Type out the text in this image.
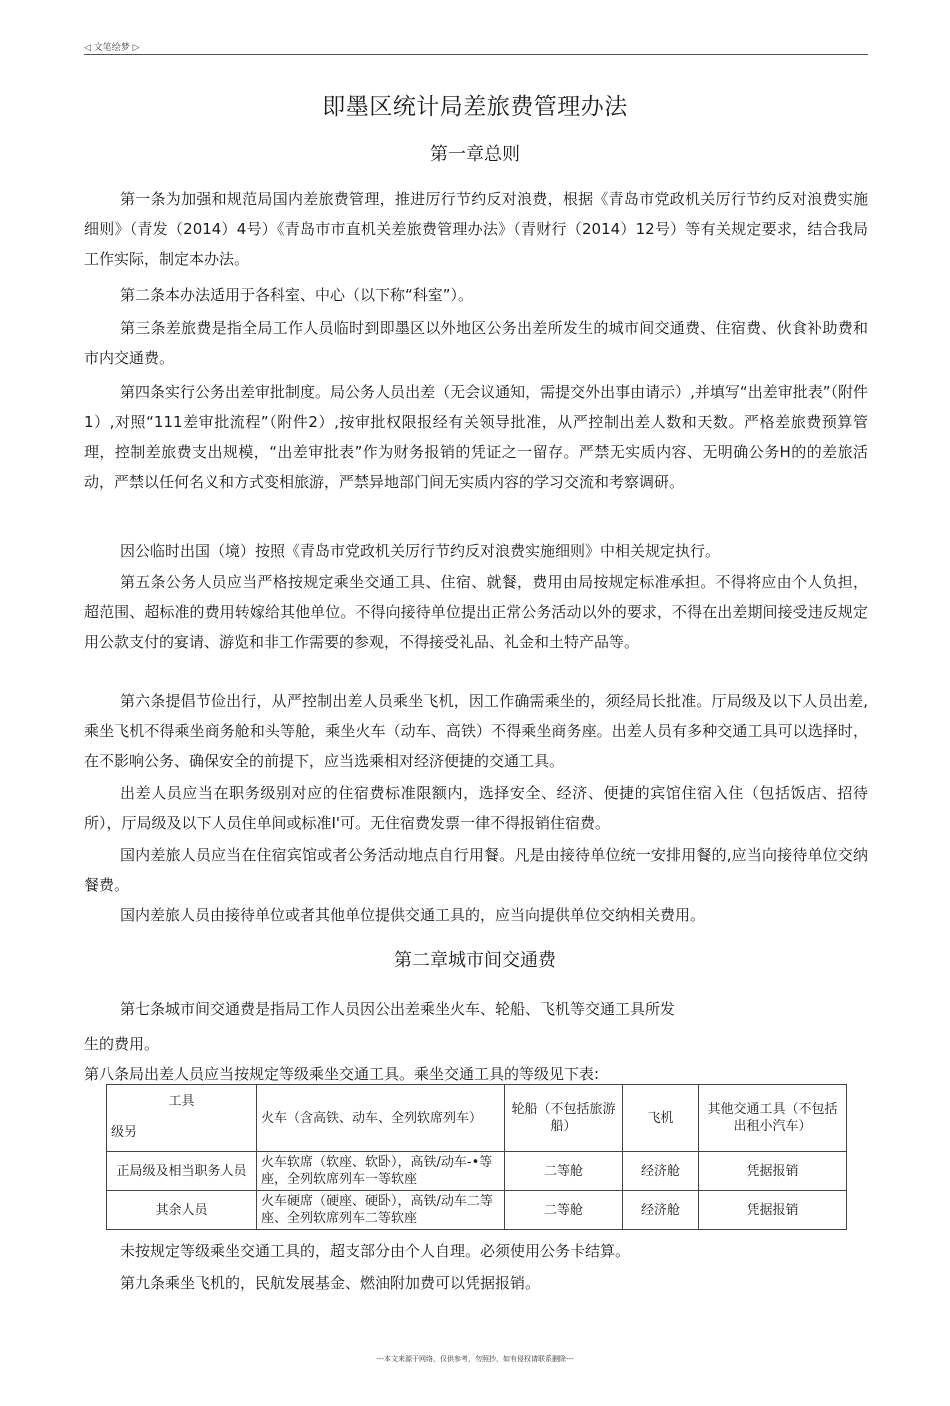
◁ 文笔绘梦 ▷
即墨区统计局差旅费管理办法
第一章总则
第一条为加强和规范局国内差旅费管理，推进厉行节约反对浪费，根据《青岛市党政机关厉行节约反对浪费实施细则》（青发（2014）4号）《青岛市市直机关差旅费管理办法》（青财行（2014）12号）等有关规定要求，结合我局工作实际，制定本办法。
第二条本办法适用于各科室、中心（以下称“科室”）。
第三条差旅费是指全局工作人员临时到即墨区以外地区公务出差所发生的城市间交通费、住宿费、伙食补助费和市内交通费。
第四条实行公务出差审批制度。局公务人员出差（无会议通知，需提交外出事由请示）,并填写“出差审批表”（附件1）,对照“111差审批流程”（附件2）,按审批权限报经有关领导批准，从严控制出差人数和天数。严格差旅费预算管理，控制差旅费支出规模，“出差审批表”作为财务报销的凭证之一留存。严禁无实质内容、无明确公务H的的差旅活动，严禁以任何名义和方式变相旅游，严禁异地部门间无实质内容的学习交流和考察调研。
因公临时出国（境）按照《青岛市党政机关厉行节约反对浪费实施细则》中相关规定执行。
第五条公务人员应当严格按规定乘坐交通工具、住宿、就餐，费用由局按规定标准承担。不得将应由个人负担，超范围、超标准的费用转嫁给其他单位。不得向接待单位提出正常公务活动以外的要求，不得在出差期间接受违反规定用公款支付的宴请、游览和非工作需要的参观，不得接受礼品、礼金和土特产品等。
第六条提倡节俭出行，从严控制出差人员乘坐飞机，因工作确需乘坐的，须经局长批准。厅局级及以下人员出差,乘坐飞机不得乘坐商务舱和头等舱，乘坐火车（动车、高铁）不得乘坐商务座。出差人员有多种交通工具可以选择时，在不影响公务、确保安全的前提下，应当选乘相对经济便捷的交通工具。
出差人员应当在职务级别对应的住宿费标准限额内，选择安全、经济、便捷的宾馆住宿入住（包括饭店、招待所），厅局级及以下人员住单间或标准I'可。无住宿费发票一律不得报销住宿费。
国内差旅人员应当在住宿宾馆或者公务活动地点自行用餐。凡是由接待单位统一安排用餐的,应当向接待单位交纳餐费。
国内差旅人员由接待单位或者其他单位提供交通工具的，应当向提供单位交纳相关费用。
第二章城市间交通费
第七条城市间交通费是指局工作人员因公出差乘坐火车、轮船、飞机等交通工具所发
生的费用。
第八条局出差人员应当按规定等级乘坐交通工具。乘坐交通工具的等级见下表:
工具
级另	火车（含高铁、动车、全列软席列车）	轮船（不包括旅游船）	飞机	其他交通工具（不包括出租小汽车）
正局级及相当职务人员	火车软席（软座、软卧），高铁/动车-•等座，全列软席列车一等软座	二等舱	经济舱	凭据报销
其余人员	火车硬席（硬座、硬卧），高铁/动车二等座、全列软席列车二等软座	二等舱	经济舱	凭据报销
未按规定等级乘坐交通工具的，超支部分由个人自理。必须使用公务卡结算。
第九条乘坐飞机的，民航发展基金、燃油附加费可以凭据报销。
---本文来源于网络，仅供参考，勿照抄，如有侵权请联系删除---
